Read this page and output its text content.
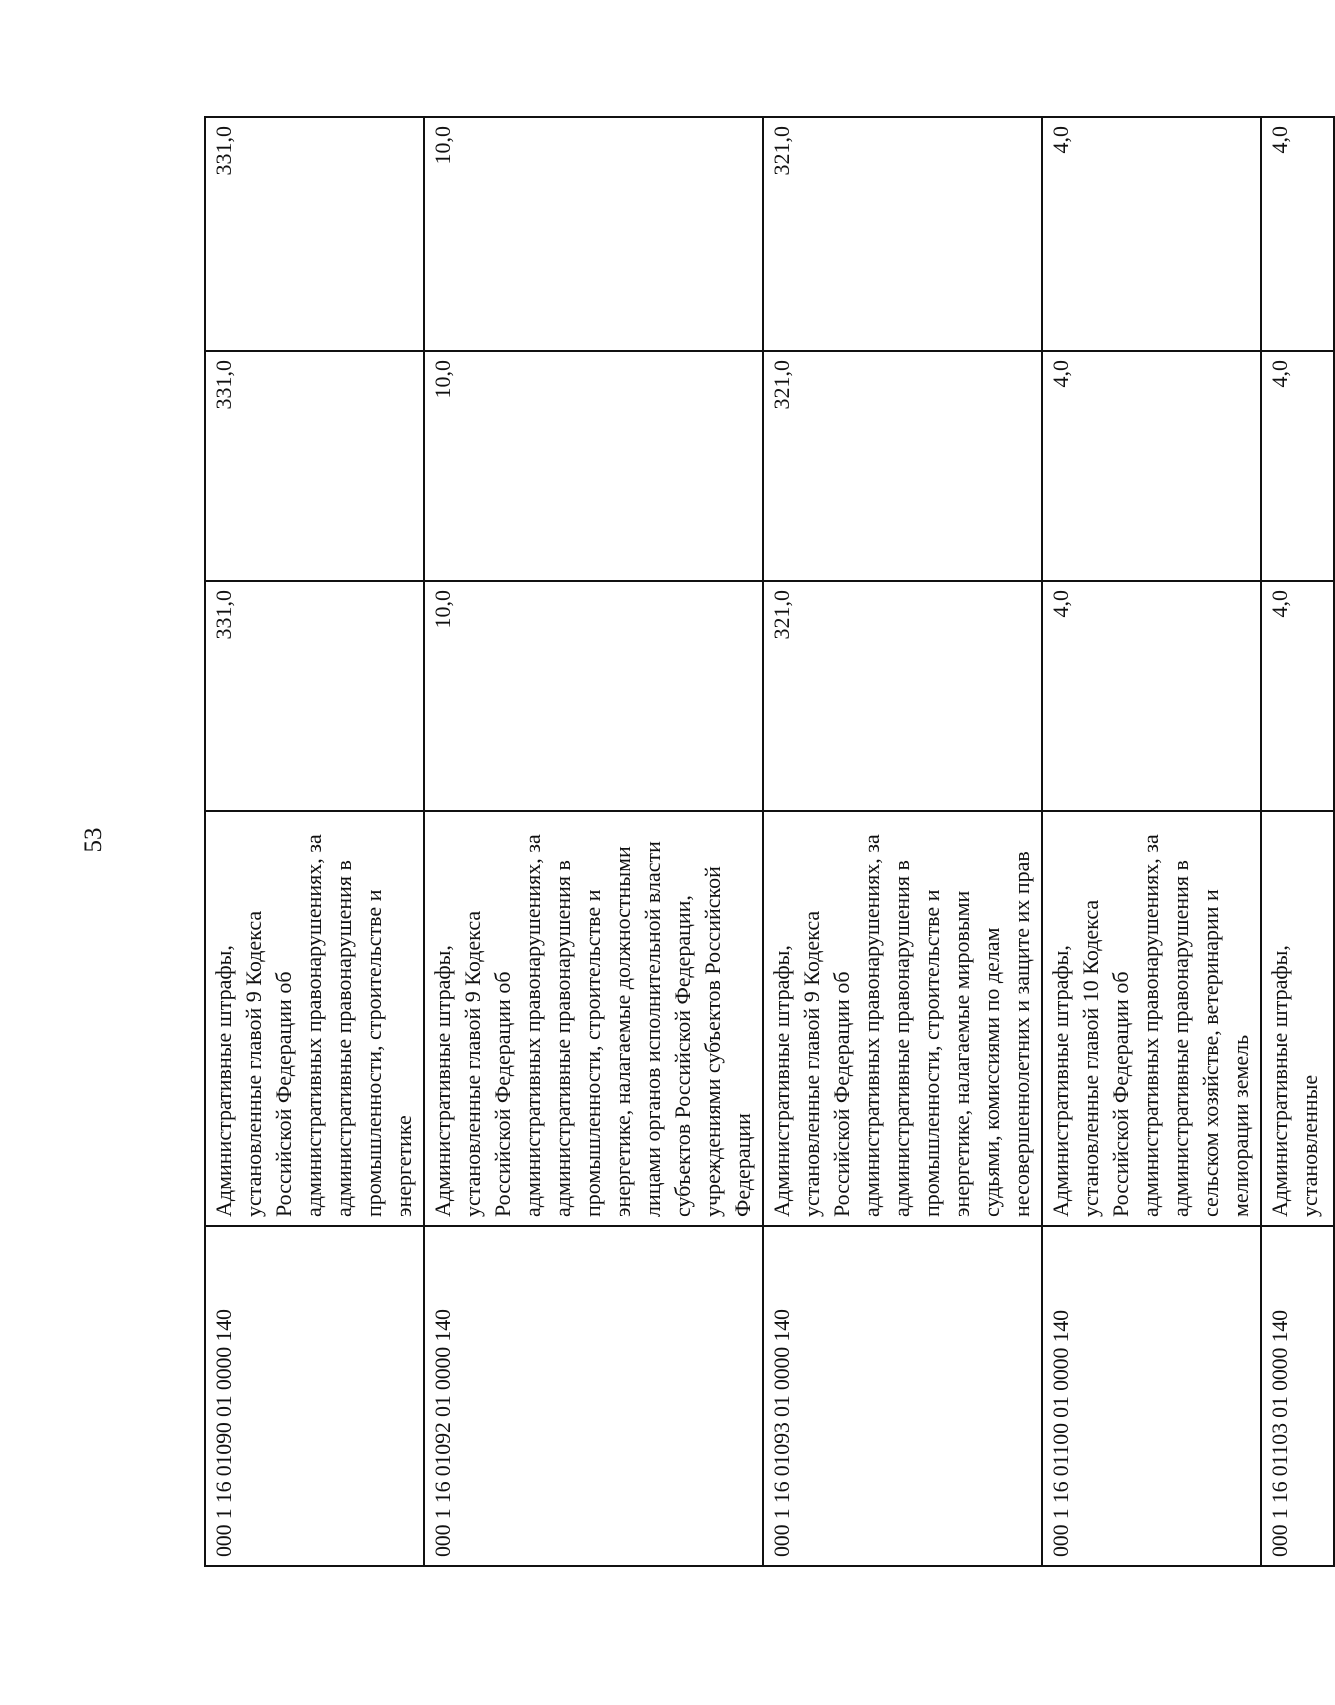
53
000 1 16 01090 01 0000 140	Административные штрафы, установленные главой 9 Кодекса Российской Федерации об административных правонарушениях, за административные правонарушения в промышленности, строительстве и энергетике	331,0	331,0	331,0
000 1 16 01092 01 0000 140	Административные штрафы, установленные главой 9 Кодекса Российской Федерации об административных правонарушениях, за административные правонарушения в промышленности, строительстве и энергетике, налагаемые должностными лицами органов исполнительной власти субъектов Российской Федерации, учреждениями субъектов Российской Федерации	10,0	10,0	10,0
000 1 16 01093 01 0000 140	Административные штрафы, установленные главой 9 Кодекса Российской Федерации об административных правонарушениях, за административные правонарушения в промышленности, строительстве и энергетике, налагаемые мировыми судьями, комиссиями по делам несовершеннолетних и защите их прав	321,0	321,0	321,0
000 1 16 01100 01 0000 140	Административные штрафы, установленные главой 10 Кодекса Российской Федерации об административных правонарушениях, за административные правонарушения в сельском хозяйстве, ветеринарии и мелиорации земель	4,0	4,0	4,0
000 1 16 01103 01 0000 140	Административные штрафы, установленные	4,0	4,0	4,0
